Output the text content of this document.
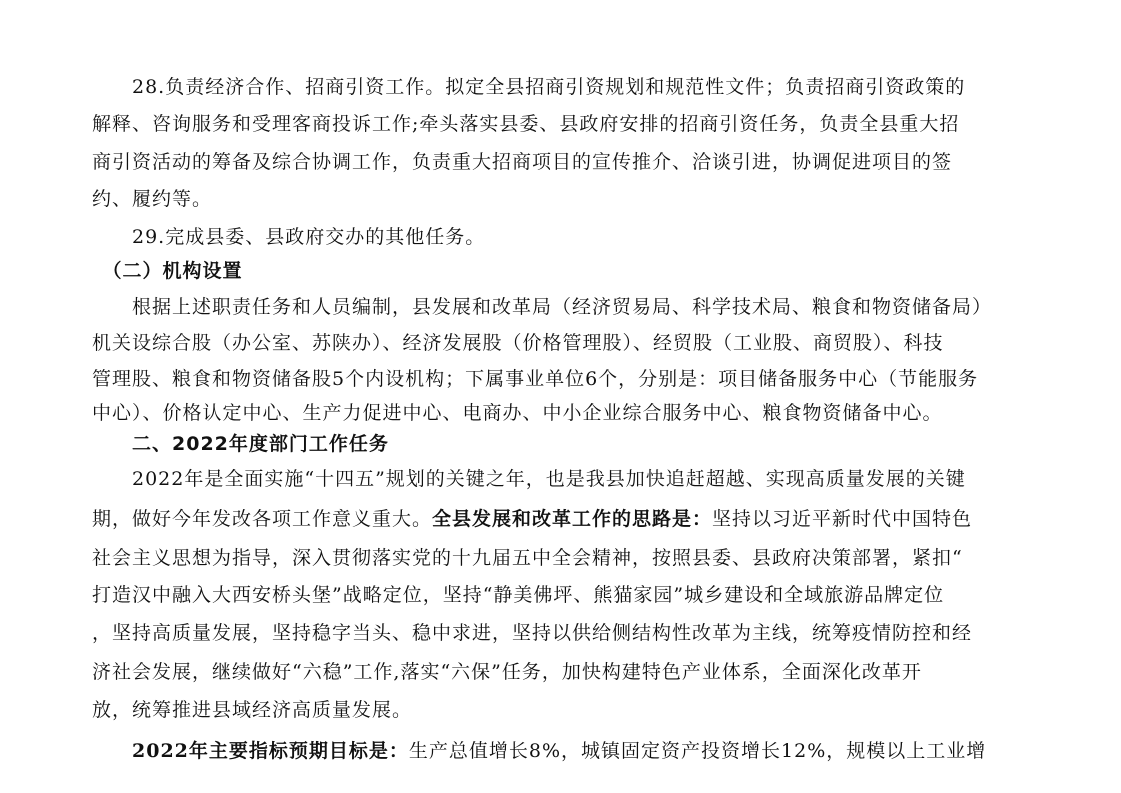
　　28.负责经济合作、招商引资工作。拟定全县招商引资规划和规范性文件；负责招商引资政策的
解释、咨询服务和受理客商投诉工作;牵头落实县委、县政府安排的招商引资任务，负责全县重大招
商引资活动的筹备及综合协调工作，负责重大招商项目的宣传推介、洽谈引进，协调促进项目的签
约、履约等。
　　29.完成县委、县政府交办的其他任务。
　（二）机构设置
　　根据上述职责任务和人员编制，县发展和改革局（经济贸易局、科学技术局、粮食和物资储备局）
机关设综合股（办公室、苏陕办）、经济发展股（价格管理股）、经贸股（工业股、商贸股）、科技
管理股、粮食和物资储备股5个内设机构；下属事业单位6个，分别是：项目储备服务中心（节能服务
中心）、价格认定中心、生产力促进中心、电商办、中小企业综合服务中心、粮食物资储备中心。
　　二、2022年度部门工作任务
　　2022年是全面实施“十四五”规划的关键之年，也是我县加快追赶超越、实现高质量发展的关键
期，做好今年发改各项工作意义重大。全县发展和改革工作的思路是：坚持以习近平新时代中国特色
社会主义思想为指导，深入贯彻落实党的十九届五中全会精神，按照县委、县政府决策部署，紧扣“
打造汉中融入大西安桥头堡”战略定位，坚持“静美佛坪、熊猫家园”城乡建设和全域旅游品牌定位
，坚持高质量发展，坚持稳字当头、稳中求进，坚持以供给侧结构性改革为主线，统筹疫情防控和经
济社会发展，继续做好“六稳”工作,落实“六保”任务，加快构建特色产业体系，全面深化改革开
放，统筹推进县域经济高质量发展。
　　2022年主要指标预期目标是：生产总值增长8%，城镇固定资产投资增长12%，规模以上工业增
